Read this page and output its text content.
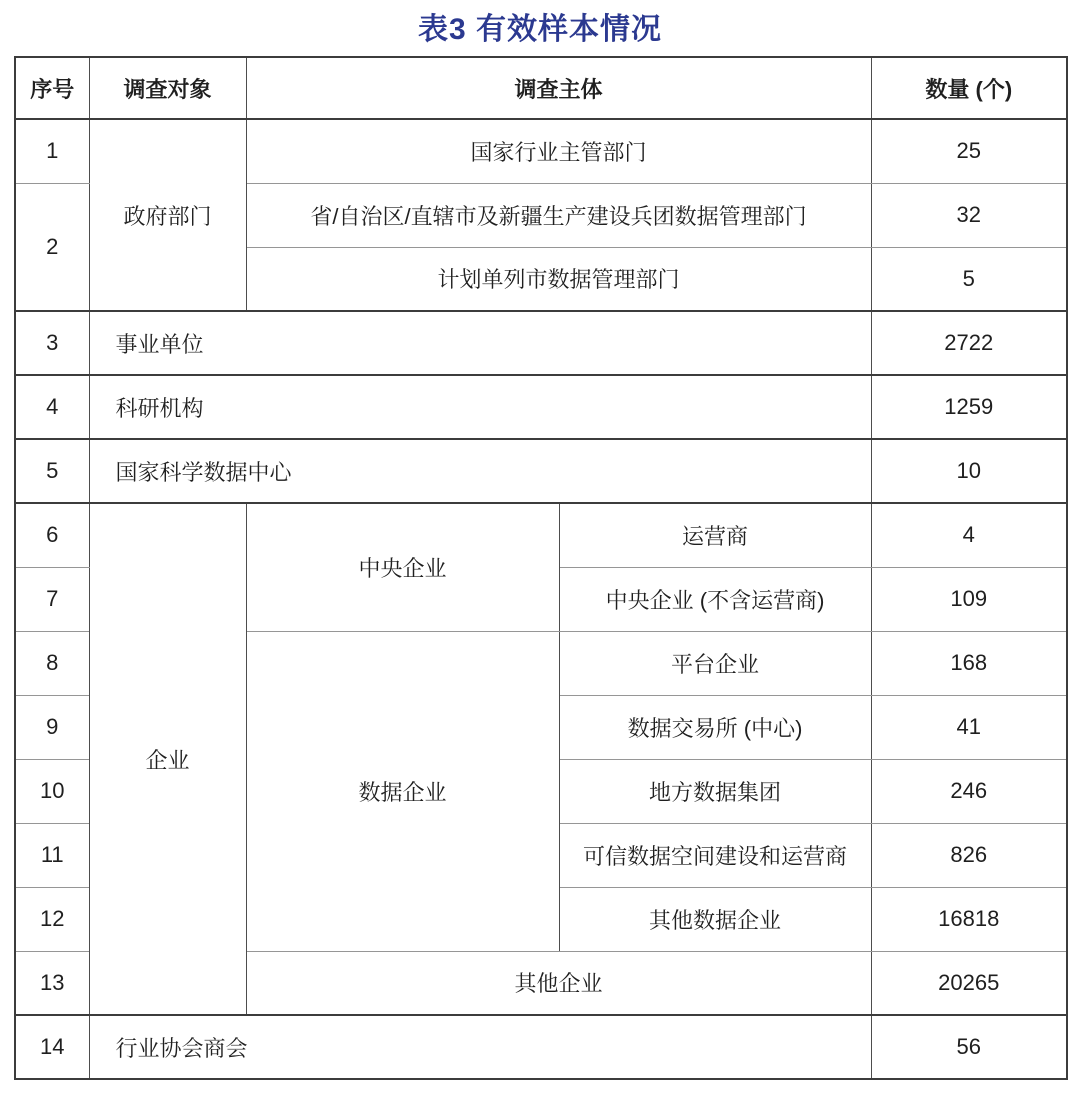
表3 有效样本情况
序号	调查对象	调查主体		数量 (个)
1	政府部门	国家行业主管部门		25
2		省/自治区/直辖市及新疆生产建设兵团数据管理部门		32
		计划单列市数据管理部门		5
3	事业单位			2722
4	科研机构			1259
5	国家科学数据中心			10
6	企业	中央企业	运营商	4
7			中央企业 (不含运营商)	109
8		数据企业	平台企业	168
9			数据交易所 (中心)	41
10			地方数据集团	246
11			可信数据空间建设和运营商	826
12			其他数据企业	16818
13		其他企业		20265
14	行业协会商会			56
